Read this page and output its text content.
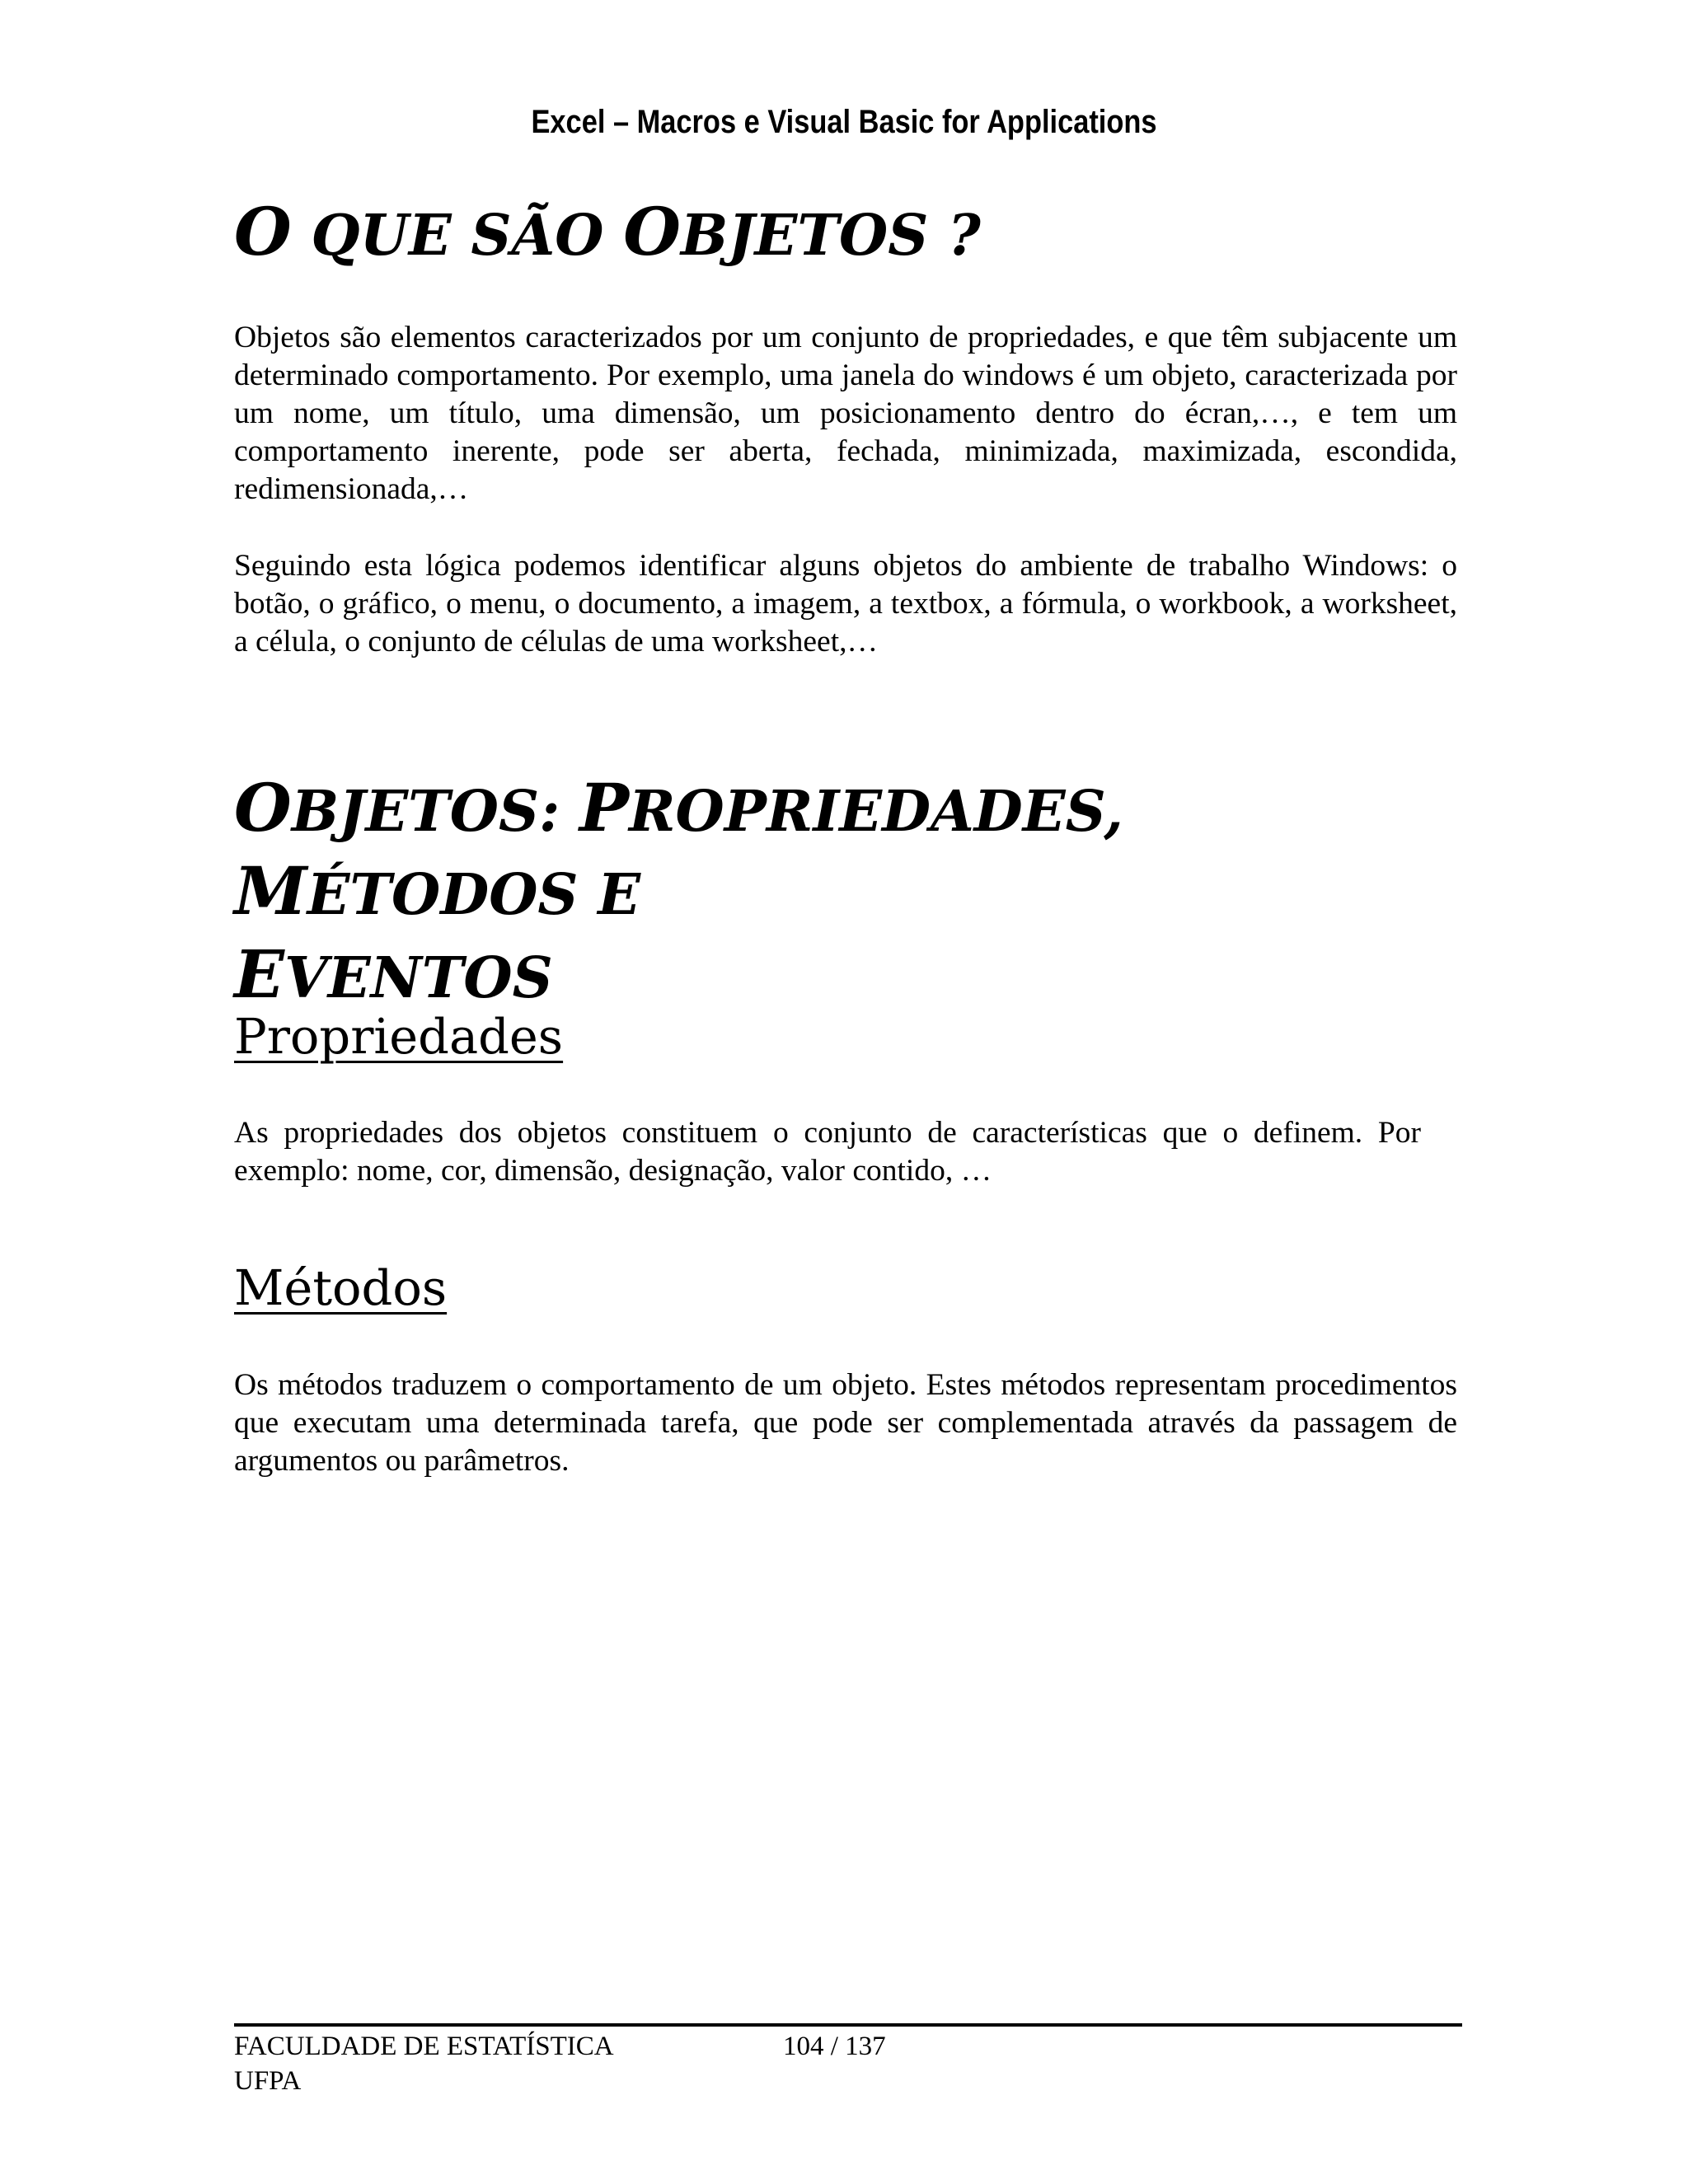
Excel – Macros e Visual Basic for Applications
O QUE SÃO OBJETOS ?

Objetos são elementos caracterizados por um conjunto de propriedades, e que têm subjacente um determinado comportamento. Por exemplo, uma janela do windows é um objeto, caracterizada por um nome, um título, uma dimensão, um posicionamento dentro do écran,…, e tem um comportamento inerente, pode ser aberta, fechada, minimizada, maximizada, escondida, redimensionada,…

Seguindo esta lógica podemos identificar alguns objetos do ambiente de trabalho Windows: o botão, o gráfico, o menu, o documento, a imagem, a textbox, a fórmula, o workbook, a worksheet, a célula, o conjunto de células de uma worksheet,…

OBJETOS: PROPRIEDADES, MÉTODOS E
EVENTOS
Propriedades

As propriedades dos objetos constituem o conjunto de características que o definem. Por exemplo: nome, cor, dimensão, designação, valor contido, …

Métodos

Os métodos traduzem o comportamento de um objeto. Estes métodos representam procedimentos que executam uma determinada tarefa, que pode ser complementada através da passagem de argumentos ou parâmetros.

FACULDADE DE ESTATÍSTICA
UFPA
104 / 137
